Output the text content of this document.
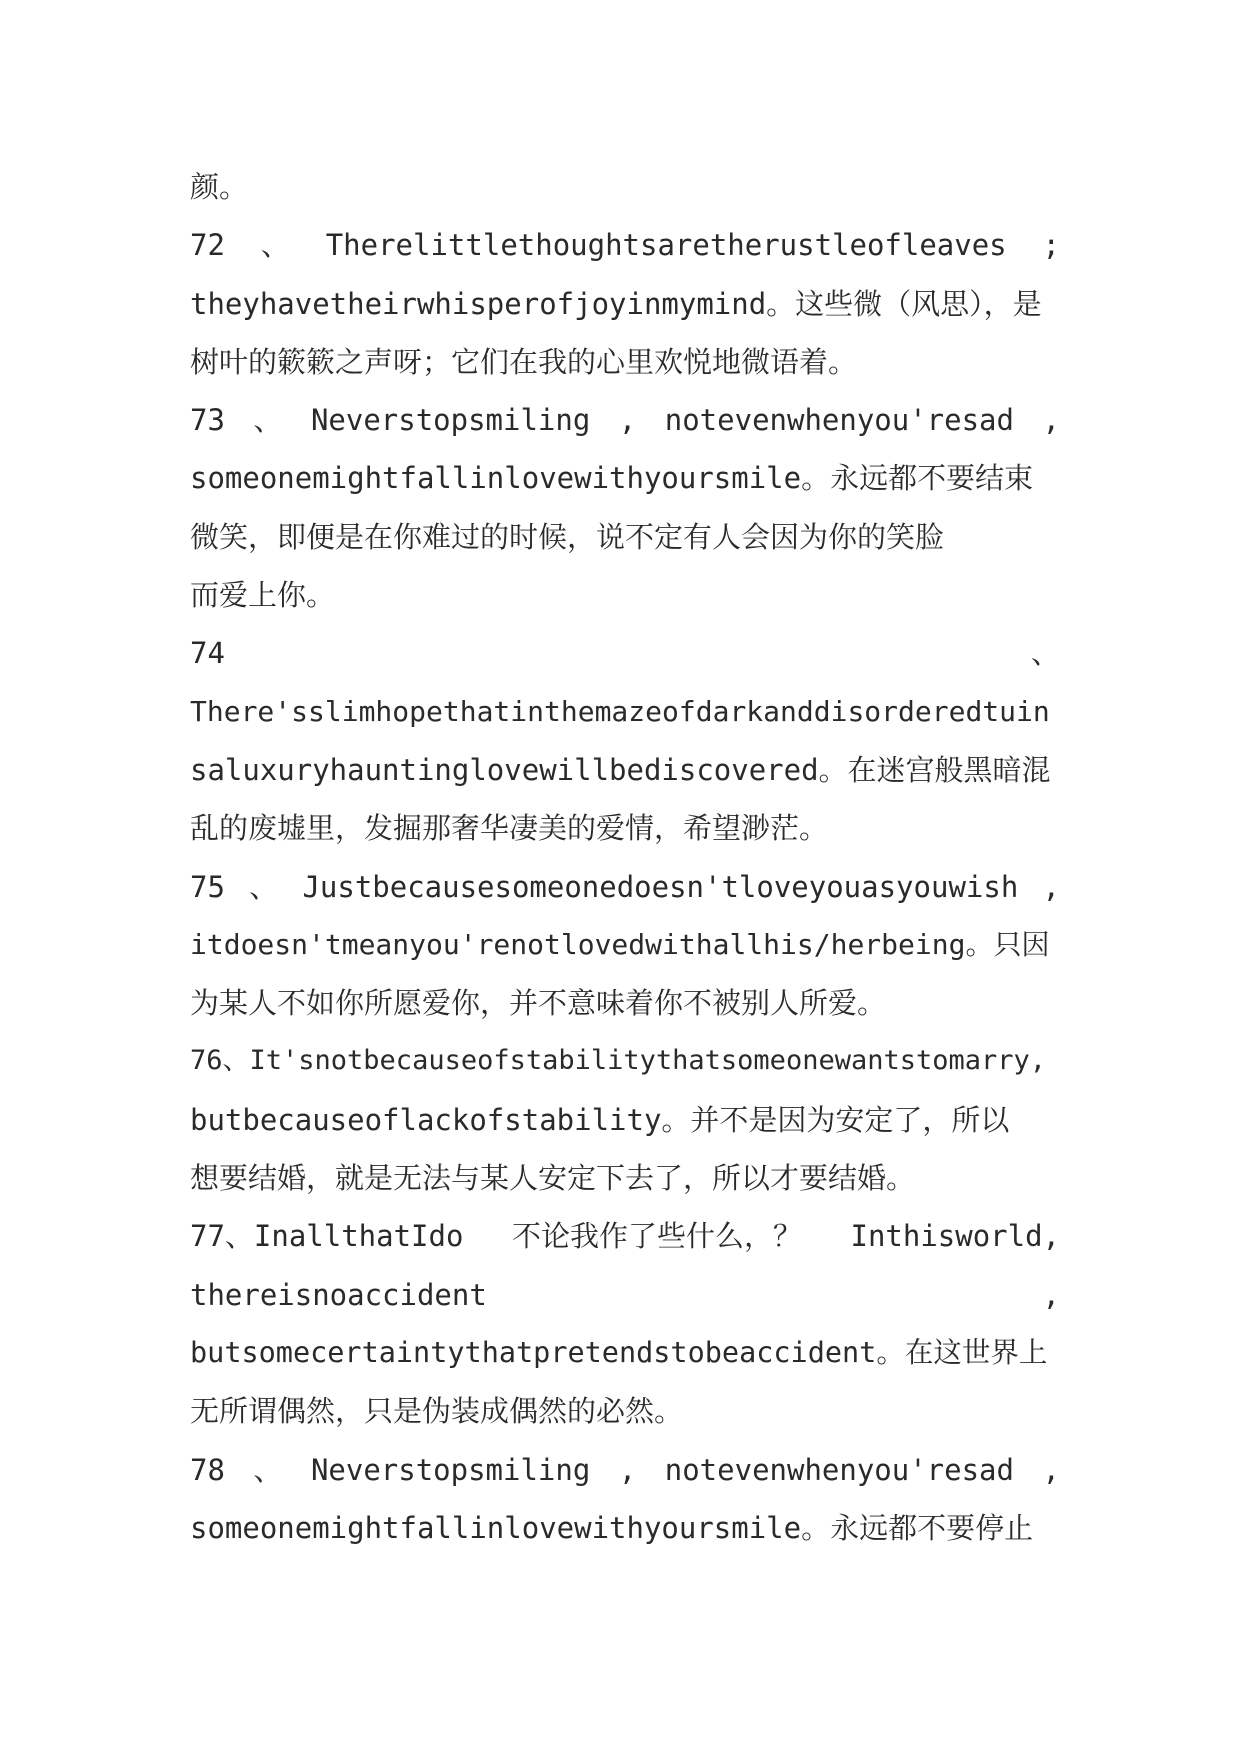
颜。
72 、 Therelittlethoughtsaretherustleofleaves ;
theyhavetheirwhisperofjoyinmymind。这些微（风思），是
树叶的簌簌之声呀；它们在我的心里欢悦地微语着。
73 、 Neverstopsmiling , notevenwhenyou'resad ,
someonemightfallinlovewithyoursmile。永远都不要结束
微笑，即便是在你难过的时候，说不定有人会因为你的笑脸
而爱上你。
74	、
There'sslimhopethatinthemazeofdarkanddisorderedtuin
saluxuryhauntinglovewillbediscovered。在迷宫般黑暗混
乱的废墟里，发掘那奢华凄美的爱情，希望渺茫。
75 、 Justbecausesomeonedoesn'tloveyouasyouwish ,
itdoesn'tmeanyou'renotlovedwithallhis/herbeing。只因
为某人不如你所愿爱你，并不意味着你不被别人所爱。
76、It'snotbecauseofstabilitythatsomeonewantstomarry,
butbecauseoflackofstability。并不是因为安定了，所以
想要结婚，就是无法与某人安定下去了，所以才要结婚。
77、InallthatIdo 不论我作了些什么，？ Inthisworld,
thereisnoaccident	,
butsomecertaintythatpretendstobeaccident。在这世界上
无所谓偶然，只是伪装成偶然的必然。
78 、 Neverstopsmiling , notevenwhenyou'resad ,
someonemightfallinlovewithyoursmile。永远都不要停止
